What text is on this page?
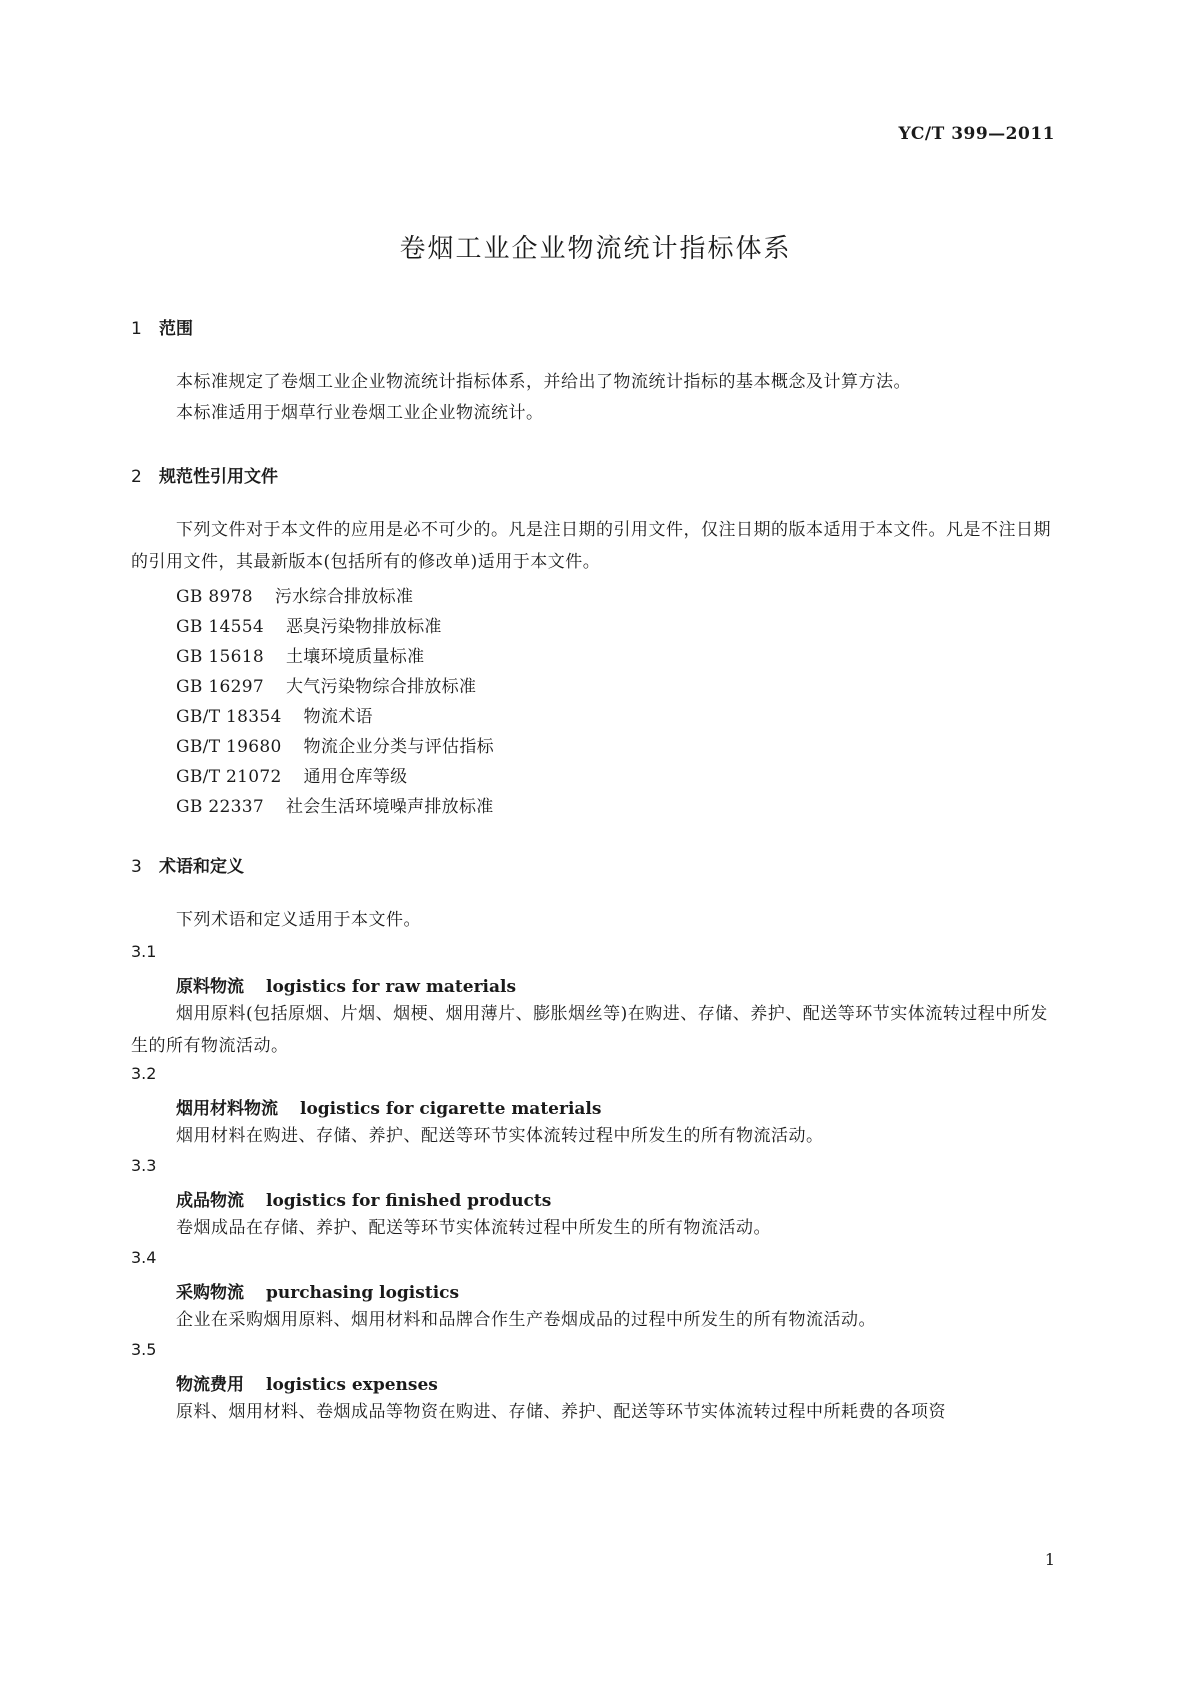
YC/T 399—2011
卷烟工业企业物流统计指标体系
1 范围
本标准规定了卷烟工业企业物流统计指标体系，并给出了物流统计指标的基本概念及计算方法。
本标准适用于烟草行业卷烟工业企业物流统计。
2 规范性引用文件
下列文件对于本文件的应用是必不可少的。凡是注日期的引用文件，仅注日期的版本适用于本文件。凡是不注日期的引用文件，其最新版本(包括所有的修改单)适用于本文件。
GB 8978 污水综合排放标准
GB 14554 恶臭污染物排放标准
GB 15618 土壤环境质量标准
GB 16297 大气污染物综合排放标准
GB/T 18354 物流术语
GB/T 19680 物流企业分类与评估指标
GB/T 21072 通用仓库等级
GB 22337 社会生活环境噪声排放标准
3 术语和定义
下列术语和定义适用于本文件。
3.1
原料物流 logistics for raw materials
烟用原料(包括原烟、片烟、烟梗、烟用薄片、膨胀烟丝等)在购进、存储、养护、配送等环节实体流转过程中所发生的所有物流活动。
3.2
烟用材料物流 logistics for cigarette materials
烟用材料在购进、存储、养护、配送等环节实体流转过程中所发生的所有物流活动。
3.3
成品物流 logistics for finished products
卷烟成品在存储、养护、配送等环节实体流转过程中所发生的所有物流活动。
3.4
采购物流 purchasing logistics
企业在采购烟用原料、烟用材料和品牌合作生产卷烟成品的过程中所发生的所有物流活动。
3.5
物流费用 logistics expenses
原料、烟用材料、卷烟成品等物资在购进、存储、养护、配送等环节实体流转过程中所耗费的各项资
1
